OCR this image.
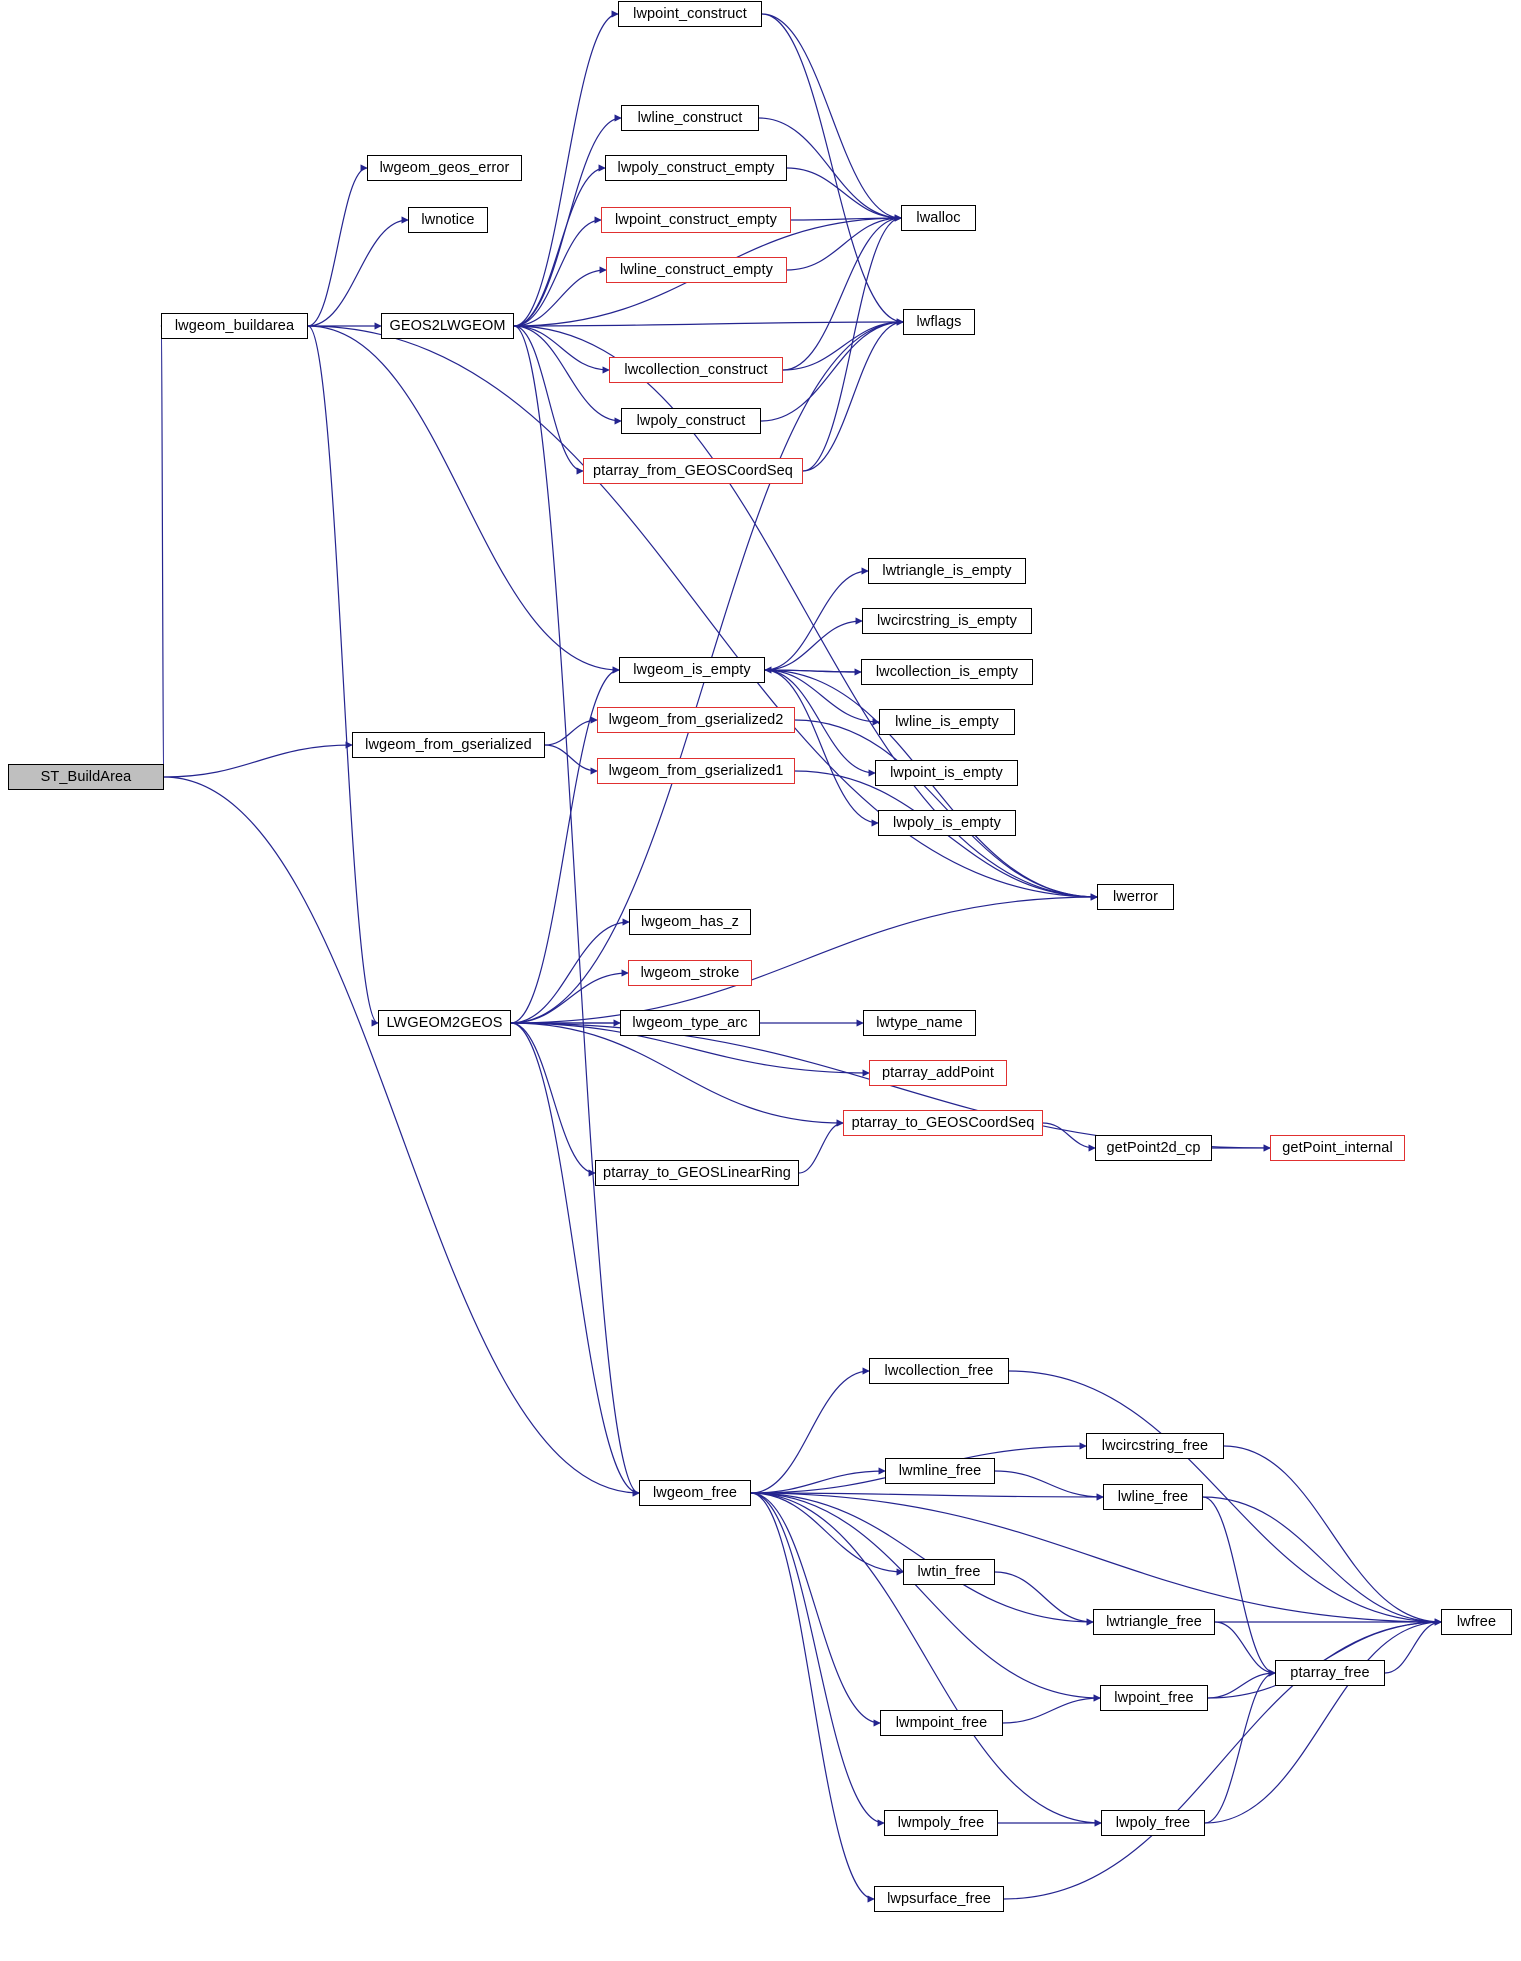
ST_BuildArea
lwgeom_buildarea
lwgeom_geos_error
lwnotice
GEOS2LWGEOM
lwpoint_construct
lwline_construct
lwpoly_construct_empty
lwpoint_construct_empty
lwline_construct_empty
lwcollection_construct
lwpoly_construct
ptarray_from_GEOSCoordSeq
lwalloc
lwflags
lwtriangle_is_empty
lwcircstring_is_empty
lwcollection_is_empty
lwline_is_empty
lwpoint_is_empty
lwpoly_is_empty
lwgeom_is_empty
lwgeom_from_gserialized2
lwgeom_from_gserialized1
lwgeom_from_gserialized
lwgeom_has_z
lwgeom_stroke
lwgeom_type_arc
LWGEOM2GEOS	lwtype_name
ptarray_addPoint
ptarray_to_GEOSCoordSeq
ptarray_to_GEOSLinearRing
lwerror
getPoint2d_cp	getPoint_internal
lwgeom_free
lwcollection_free
lwmline_free
lwcircstring_free
lwline_free
lwtin_free
lwtriangle_free
ptarray_free
lwfree
lwpoint_free
lwmpoint_free
lwmpoly_free	lwpoly_free
lwpsurface_free
